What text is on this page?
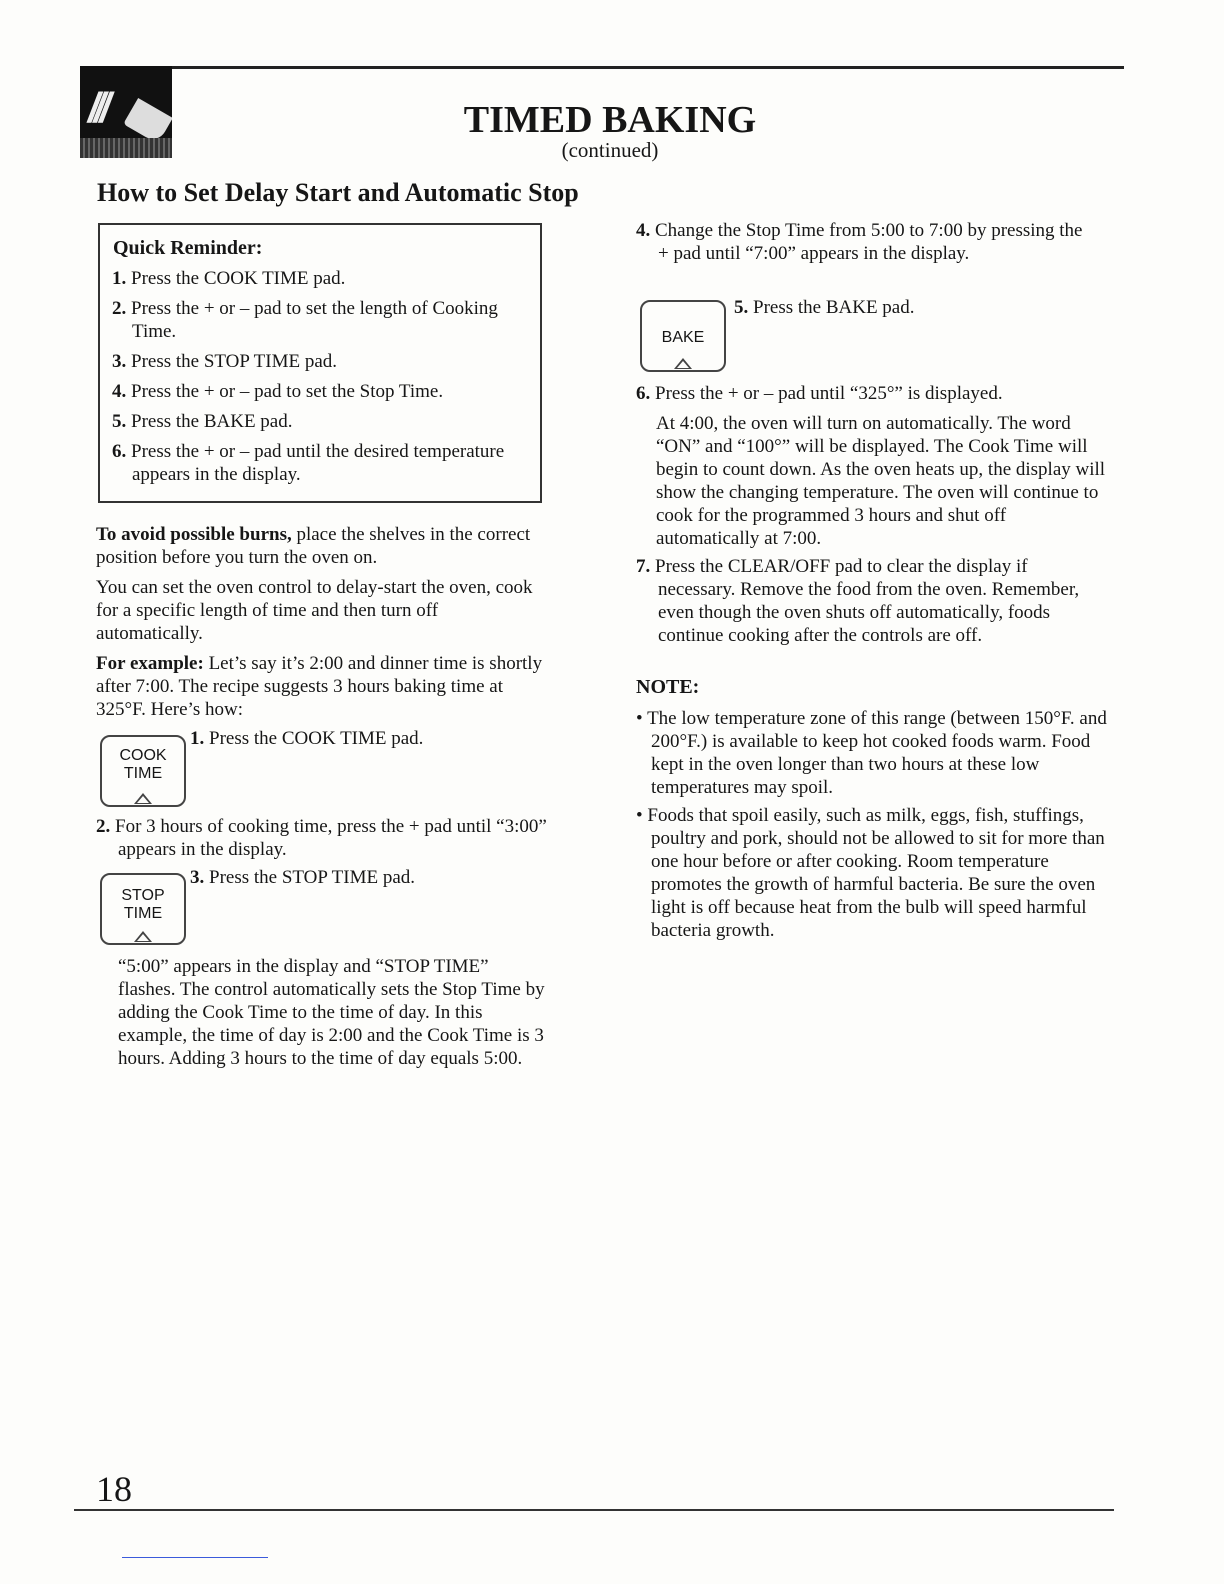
///	TIMED BAKING
(continued)
How to Set Delay Start and Automatic Stop
Quick Reminder:
1. Press the COOK TIME pad.
2. Press the + or – pad to set the length of Cooking Time.
3. Press the STOP TIME pad.
4. Press the + or – pad to set the Stop Time.
5. Press the BAKE pad.
6. Press the + or – pad until the desired temperature appears in the display.
To avoid possible burns, place the shelves in the correct position before you turn the oven on.
You can set the oven control to delay-start the oven, cook for a specific length of time and then turn off automatically.
For example: Let’s say it’s 2:00 and dinner time is shortly after 7:00. The recipe suggests 3 hours baking time at 325°F. Here’s how:
COOK
TIME
1. Press the COOK TIME pad.
2. For 3 hours of cooking time, press the + pad until “3:00” appears in the display.
STOP
TIME
3. Press the STOP TIME pad.
“5:00” appears in the display and “STOP TIME” flashes. The control automatically sets the Stop Time by adding the Cook Time to the time of day. In this example, the time of day is 2:00 and the Cook Time is 3 hours. Adding 3 hours to the time of day equals 5:00.
4. Change the Stop Time from 5:00 to 7:00 by pressing the + pad until “7:00” appears in the display.
BAKE
5. Press the BAKE pad.
6. Press the + or – pad until “325°” is displayed.
At 4:00, the oven will turn on automatically. The word “ON” and “100°” will be displayed. The Cook Time will begin to count down. As the oven heats up, the display will show the changing temperature. The oven will continue to cook for the programmed 3 hours and shut off automatically at 7:00.
7. Press the CLEAR/OFF pad to clear the display if necessary. Remove the food from the oven. Remember, even though the oven shuts off automatically, foods continue cooking after the controls are off.
NOTE:
• The low temperature zone of this range (between 150°F. and 200°F.) is available to keep hot cooked foods warm. Food kept in the oven longer than two hours at these low temperatures may spoil.
• Foods that spoil easily, such as milk, eggs, fish, stuffings, poultry and pork, should not be allowed to sit for more than one hour before or after cooking. Room temperature promotes the growth of harmful bacteria. Be sure the oven light is off because heat from the bulb will speed harmful bacteria growth.
18
